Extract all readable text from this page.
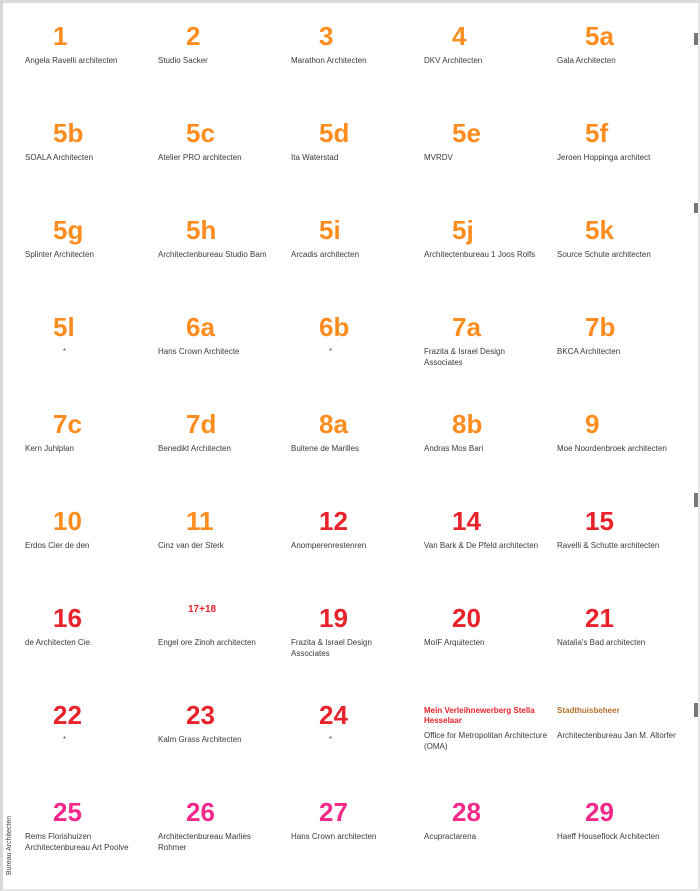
1
Angela Ravelli architecten
2
Studio Sacker
3
Marathon Architecten
4
DKV Architecten
5a
Gala Architecten
5b
SOALA Architecten
5c
Atelier PRO architecten
5d
Ita Waterstad
5e
MVRDV
5f
Jeroen Hoppinga architect
5g
Splinter Architecten
5h
Architectenbureau Studio Bam
5i
Arcadis architecten
5j
Architectenbureau 1 Joos Rolfs
5k
Source Schute architecten
5l
*
6a
Hans Crown Architecte
6b
*
7a
Frazita & Israel Design Associates
7b
BKCA Architecten
7c
Kern Juhlplan
7d
Benedikt Architecten
8a
Buitene de Marilles
8b
Andras Mos Bari
9
Moe Noordenbroek architecten
10
Erdos Cier de den
11
Cinz van der Sterk
12
Anomperenrestenren
14
Van Bark & De Pfeld architecten
15
Ravelli & Schutte architecten
16
de Architecten Cie.
17+18
Engel ore Zinoh architecten
19
Frazita & Israel Design Associates
20
MoIF Arquitecten
21
Natalia's Bad architecten
22
*
23
Kalm Grass Architecten
24
*
Mein Verleihnewerberg Stella Hesselaar
Office for Metropolitan Architecture (OMA)
Stadthuisbeheer
Architectenbureau Jan M. Altorfer
25
Rems Florishuizen Architectenbureau Art Poolve
26
Architectenbureau Marlies Rohmer
27
Hans Crown architecten
28
Acupractarena
29
Haeff Houseflock Architecten
Bureau Architecten
